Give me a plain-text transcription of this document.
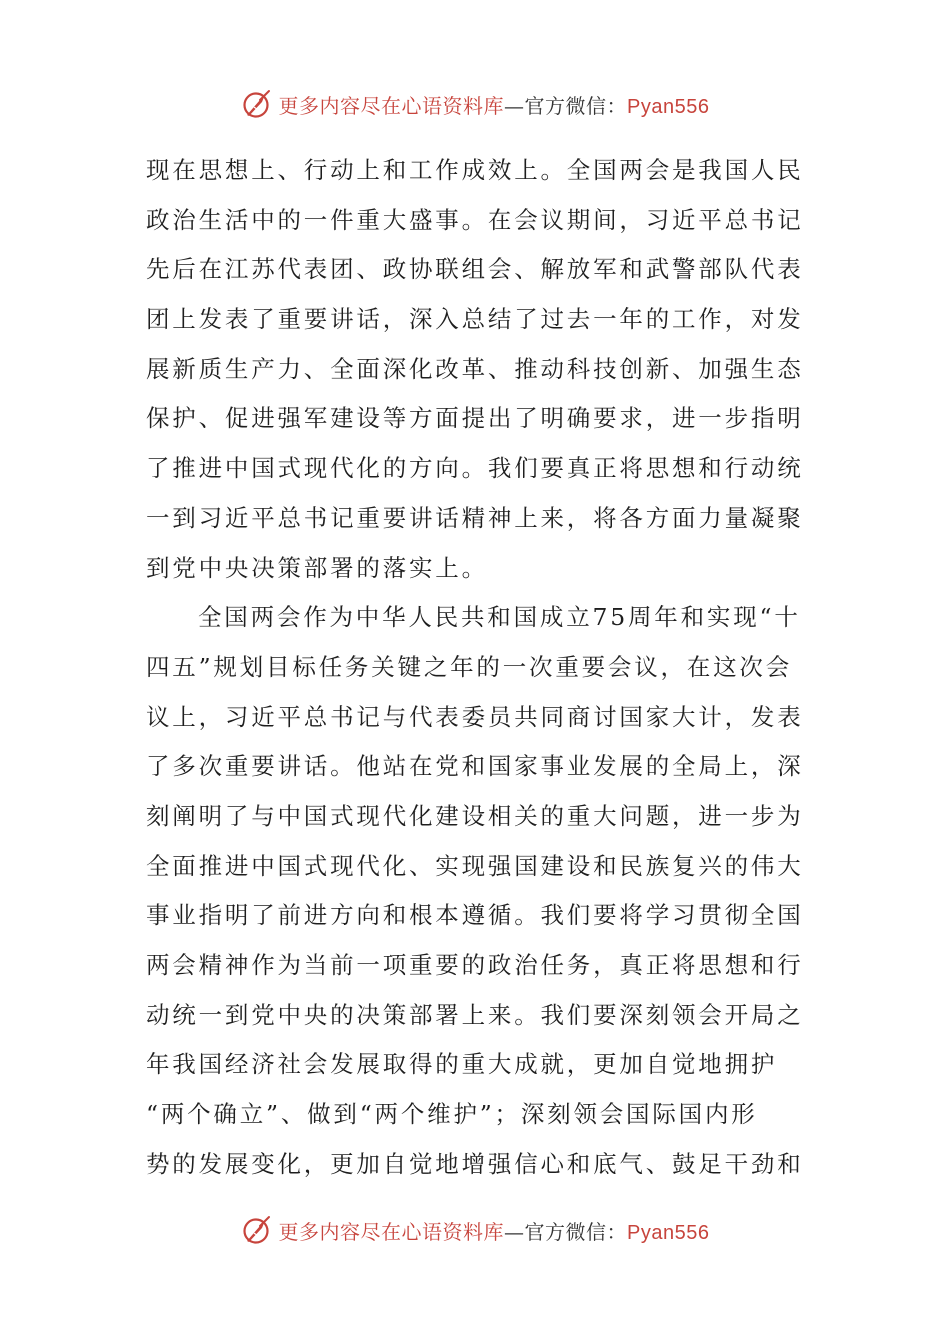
更多内容尽在心语资料库 —官方微信： Pyan556
现在思想上、行动上和工作成效上。全国两会是我国人民
政治生活中的一件重大盛事。在会议期间，习近平总书记
先后在江苏代表团、政协联组会、解放军和武警部队代表
团上发表了重要讲话，深入总结了过去一年的工作，对发
展新质生产力、全面深化改革、推动科技创新、加强生态
保护、促进强军建设等方面提出了明确要求，进一步指明
了推进中国式现代化的方向。我们要真正将思想和行动统
一到习近平总书记重要讲话精神上来，将各方面力量凝聚
到党中央决策部署的落实上。
全国两会作为中华人民共和国成立75周年和实现“十
四五”规划目标任务关键之年的一次重要会议，在这次会
议上，习近平总书记与代表委员共同商讨国家大计，发表
了多次重要讲话。他站在党和国家事业发展的全局上，深
刻阐明了与中国式现代化建设相关的重大问题，进一步为
全面推进中国式现代化、实现强国建设和民族复兴的伟大
事业指明了前进方向和根本遵循。我们要将学习贯彻全国
两会精神作为当前一项重要的政治任务，真正将思想和行
动统一到党中央的决策部署上来。我们要深刻领会开局之
年我国经济社会发展取得的重大成就，更加自觉地拥护
“两个确立”、做到“两个维护”；深刻领会国际国内形
势的发展变化，更加自觉地增强信心和底气、鼓足干劲和
更多内容尽在心语资料库 —官方微信： Pyan556
